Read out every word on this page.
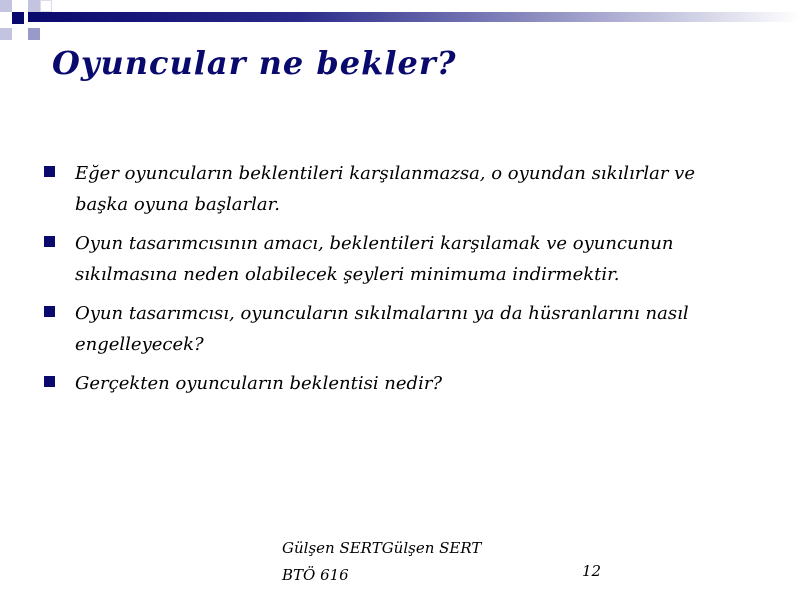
Oyuncular ne bekler?
Eğer oyuncuların beklentileri karşılanmazsa, o oyundan sıkılırlar ve başka oyuna başlarlar.
Oyun tasarımcısının amacı, beklentileri karşılamak ve oyuncunun sıkılmasına neden olabilecek şeyleri minimuma indirmektir.
Oyun tasarımcısı, oyuncuların sıkılmalarını ya da hüsranlarını nasıl engelleyecek?
Gerçekten oyuncuların beklentisi nedir?
Gülşen SERTGülşen SERT
BTÖ 616	12
